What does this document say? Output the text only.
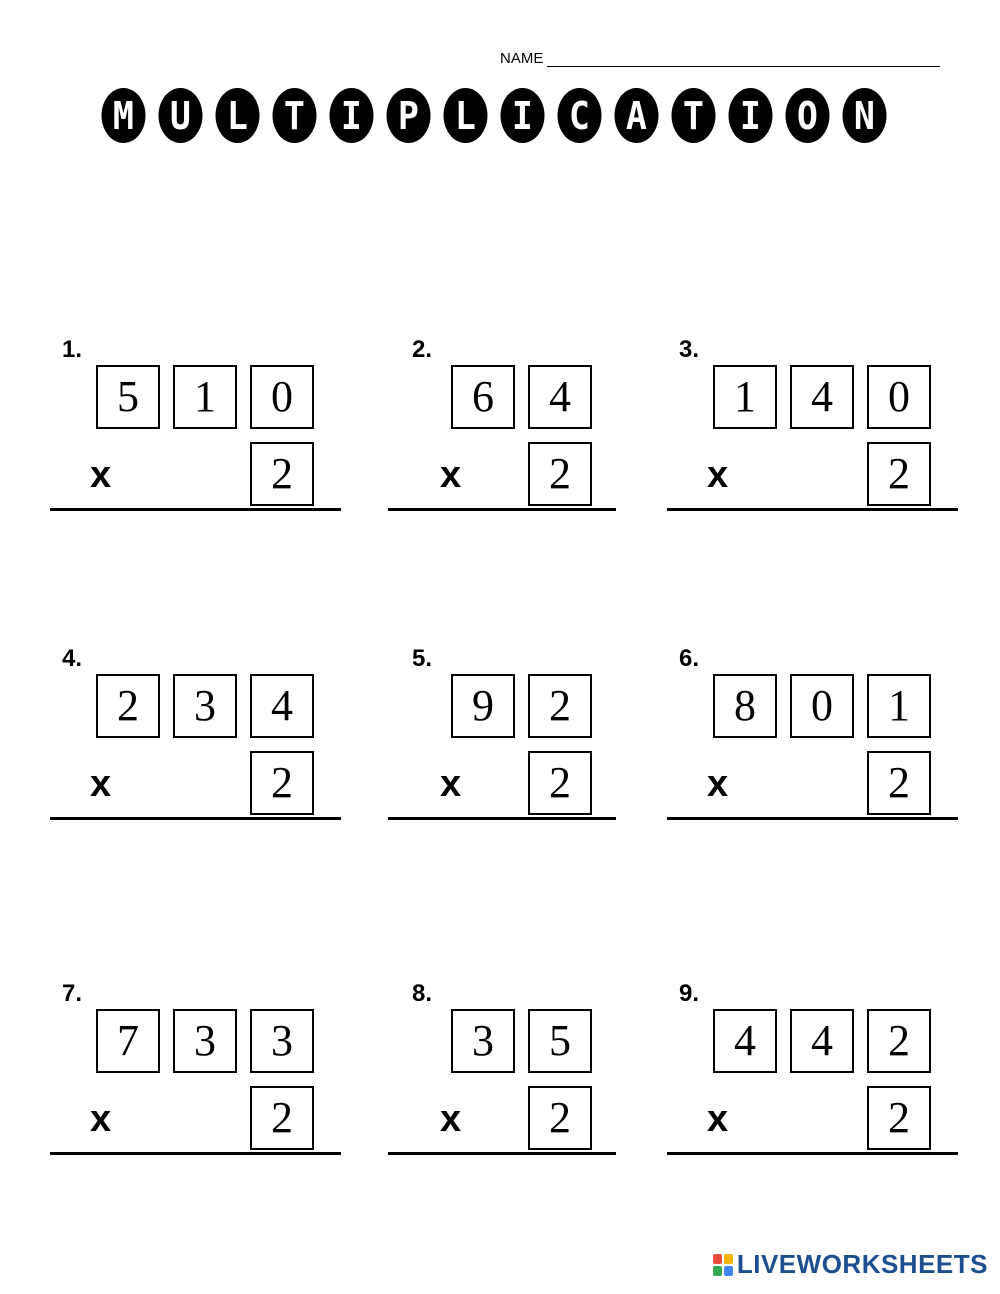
NAME
M U L T I P L I C A T I O N
1.
5	1	0
2
x
2.
6	4
2
x
3.
1	4	0
2
x
4.
2	3	4
2
x
5.
9	2
2
x
6.
8	0	1
2
x
7.
7	3	3
2
x
8.
3	5
2
x
9.
4	4	2
2
x
LIVEWORKSHEETS
